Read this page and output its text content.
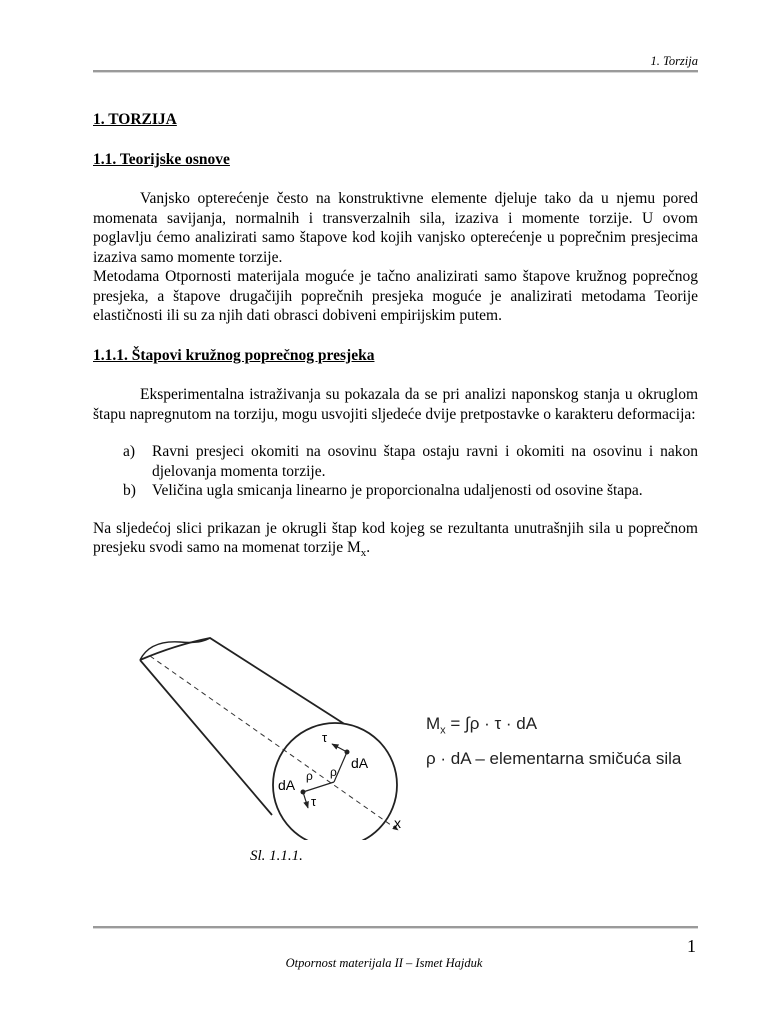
1. Torzija

1. TORZIJA

1.1. Teorijske osnove

Vanjsko opterećenje često na konstruktivne elemente djeluje tako da u njemu pored momenata savijanja, normalnih i transverzalnih sila, izaziva i momente torzije. U ovom poglavlju ćemo analizirati samo štapove kod kojih vanjsko opterećenje u poprečnim presjecima izaziva samo momente torzije.

Metodama Otpornosti materijala moguće je tačno analizirati samo štapove kružnog poprečnog presjeka, a štapove drugačijih poprečnih presjeka moguće je analizirati metodama Teorije elastičnosti ili su za njih dati obrasci dobiveni empirijskim putem.

1.1.1. Štapovi kružnog poprečnog presjeka

Eksperimentalna istraživanja su pokazala da se pri analizi naponskog stanja u okruglom štapu napregnutom na torziju, mogu usvojiti sljedeće dvije pretpostavke o karakteru deformacija:

a) Ravni presjeci okomiti na osovinu štapa ostaju ravni i okomiti na osovinu i nakon djelovanja momenta torzije.
b) Veličina ugla smicanja linearno je proporcionalna udaljenosti od osovine štapa.

Na sljedećoj slici prikazan je okrugli štap kod kojeg se rezultanta unutrašnjih sila u poprečnom presjeku svodi samo na momenat torzije $M_x$.

τ
τ
dA
dA
ρ ρ
x
$M_x = \int\rho \cdot \tau$ · dA
ρ · dA – elementarna smičuća sila
Sl. 1.1.1.
1
Otpornost materijala II – Ismet Hajduk
